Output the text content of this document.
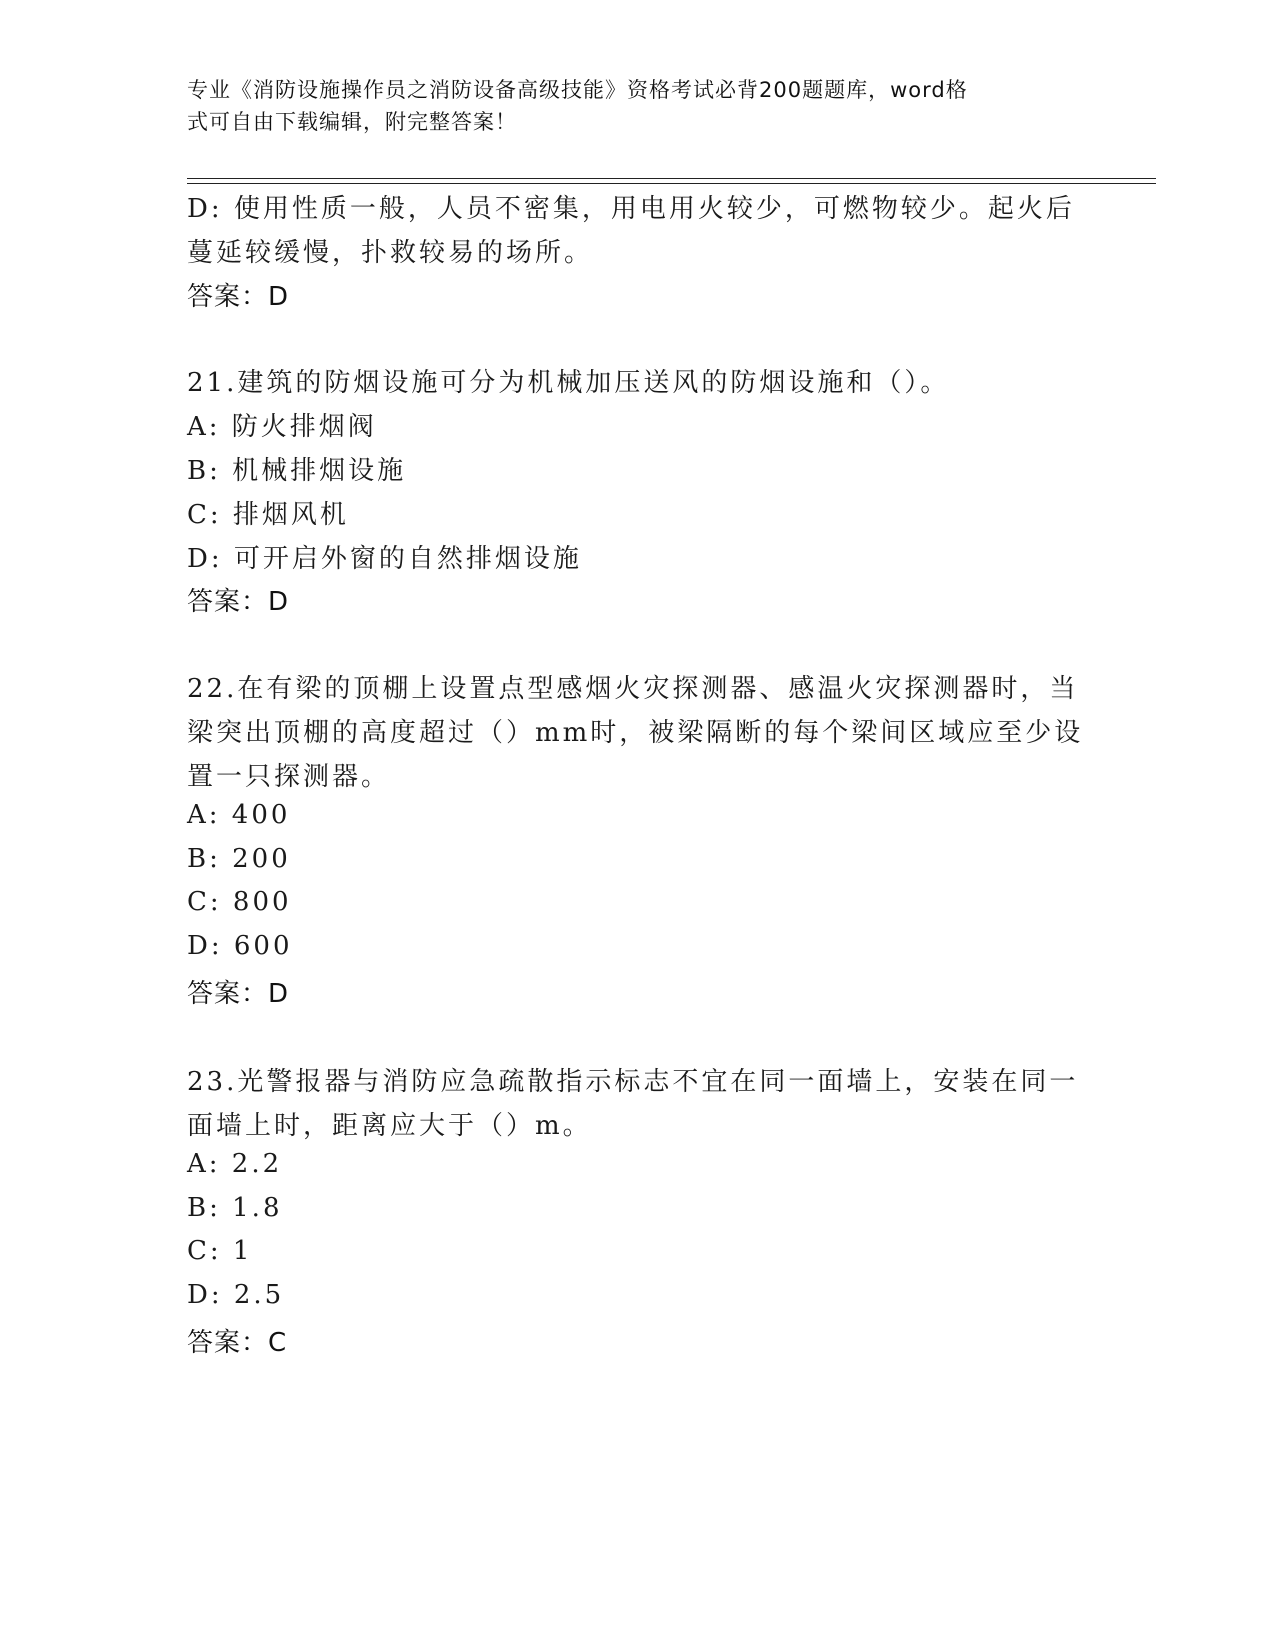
专业《消防设施操作员之消防设备高级技能》资格考试必背200题题库，word格
式可自由下载编辑，附完整答案！
D: 使用性质一般，人员不密集，用电用火较少，可燃物较少。起火后
蔓延较缓慢，扑救较易的场所。
答案：D
21.建筑的防烟设施可分为机械加压送风的防烟设施和（）。
A: 防火排烟阀
B: 机械排烟设施
C: 排烟风机
D: 可开启外窗的自然排烟设施
答案：D
22.在有梁的顶棚上设置点型感烟火灾探测器、感温火灾探测器时，当
梁突出顶棚的高度超过（）mm时，被梁隔断的每个梁间区域应至少设
置一只探测器。
A: 400
B: 200
C: 800
D: 600
答案：D
23.光警报器与消防应急疏散指示标志不宜在同一面墙上，安装在同一
面墙上时，距离应大于（）m。
A: 2.2
B: 1.8
C: 1
D: 2.5
答案：C
